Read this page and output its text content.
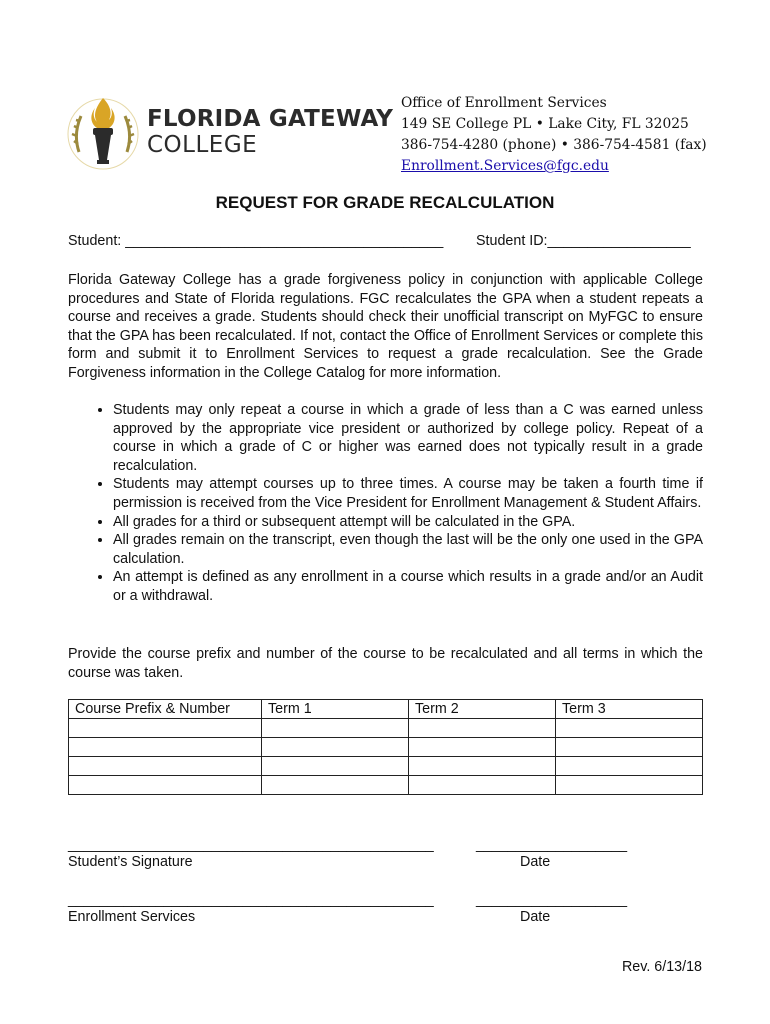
FLORIDA GATEWAY
COLLEGE
Office of Enrollment Services
149 SE College PL • Lake City, FL 32025
386-754-4280 (phone) • 386-754-4581 (fax)
Enrollment.Services@fgc.edu
REQUEST FOR GRADE RECALCULATION
Student: ________________________________________ Student ID:__________________
Florida Gateway College has a grade forgiveness policy in conjunction with applicable College procedures and State of Florida regulations. FGC recalculates the GPA when a student repeats a course and receives a grade. Students should check their unofficial transcript on MyFGC to ensure that the GPA has been recalculated. If not, contact the Office of Enrollment Services or complete this form and submit it to Enrollment Services to request a grade recalculation. See the Grade Forgiveness information in the College Catalog for more information.
• Students may only repeat a course in which a grade of less than a C was earned unless approved by the appropriate vice president or authorized by college policy. Repeat of a course in which a grade of C or higher was earned does not typically result in a grade recalculation.
• Students may attempt courses up to three times. A course may be taken a fourth time if permission is received from the Vice President for Enrollment Management & Student Affairs.
• All grades for a third or subsequent attempt will be calculated in the GPA.
• All grades remain on the transcript, even though the last will be the only one used in the GPA calculation.
• An attempt is defined as any enrollment in a course which results in a grade and/or an Audit or a withdrawal.
Provide the course prefix and number of the course to be recalculated and all terms in which the course was taken.
Course Prefix & Number	Term 1	Term 2	Term 3

______________________________________________	___________________
Student’s Signature	Date
______________________________________________	___________________
Enrollment Services	Date
Rev. 6/13/18
